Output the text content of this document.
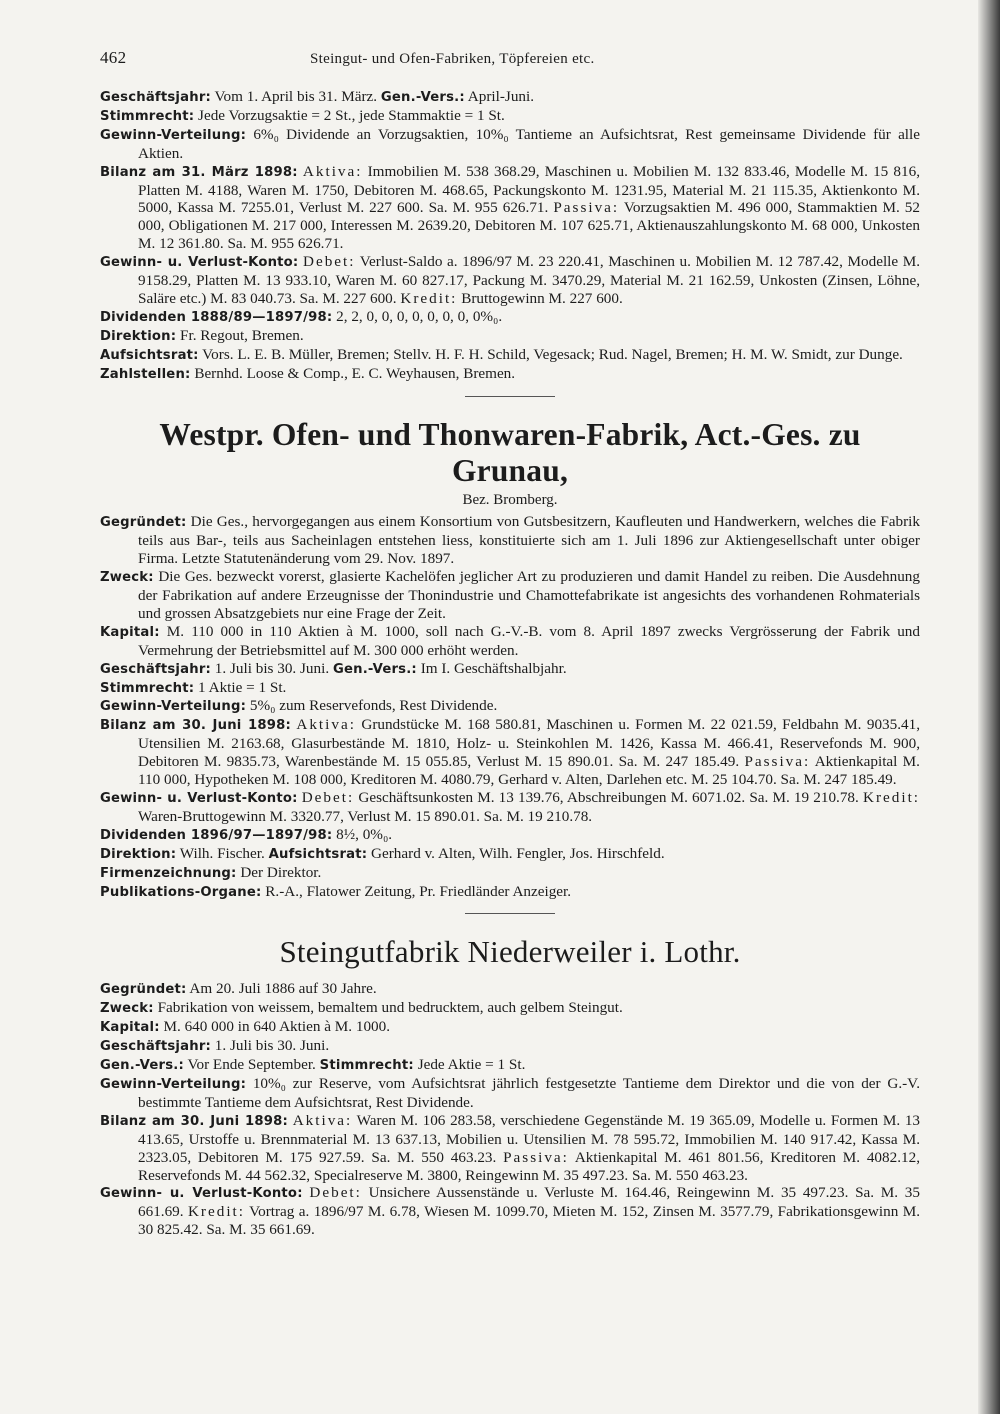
462	Steingut- und Ofen-Fabriken, Töpfereien etc.

Geschäftsjahr: Vom 1. April bis 31. März. Gen.-Vers.: April-Juni.

Stimmrecht: Jede Vorzugsaktie = 2 St., jede Stammaktie = 1 St.

Gewinn-Verteilung: 6%₀ Dividende an Vorzugsaktien, 10%₀ Tantieme an Aufsichtsrat, Rest gemeinsame Dividende für alle Aktien.

Bilanz am 31. März 1898: Aktiva: Immobilien M. 538 368.29, Maschinen u. Mobilien M. 132 833.46, Modelle M. 15 816, Platten M. 4188, Waren M. 1750, Debitoren M. 468.65, Packungskonto M. 1231.95, Material M. 21 115.35, Aktienkonto M. 5000, Kassa M. 7255.01, Verlust M. 227 600. Sa. M. 955 626.71. Passiva: Vorzugsaktien M. 496 000, Stammaktien M. 52 000, Obligationen M. 217 000, Interessen M. 2639.20, Debitoren M. 107 625.71, Aktienauszahlungskonto M. 68 000, Unkosten M. 12 361.80. Sa. M. 955 626.71.

Gewinn- u. Verlust-Konto: Debet: Verlust-Saldo a. 1896/97 M. 23 220.41, Maschinen u. Mobilien M. 12 787.42, Modelle M. 9158.29, Platten M. 13 933.10, Waren M. 60 827.17, Packung M. 3470.29, Material M. 21 162.59, Unkosten (Zinsen, Löhne, Saläre etc.) M. 83 040.73. Sa. M. 227 600. Kredit: Bruttogewinn M. 227 600.

Dividenden 1888/89—1897/98: 2, 2, 0, 0, 0, 0, 0, 0, 0, 0%₀.

Direktion: Fr. Regout, Bremen.

Aufsichtsrat: Vors. L. E. B. Müller, Bremen; Stellv. H. F. H. Schild, Vegesack; Rud. Nagel, Bremen; H. M. W. Smidt, zur Dunge.

Zahlstellen: Bernhd. Loose & Comp., E. C. Weyhausen, Bremen.

Westpr. Ofen- und Thonwaren-Fabrik, Act.-Ges. zu Grunau,

Bez. Bromberg.

Gegründet: Die Ges., hervorgegangen aus einem Konsortium von Gutsbesitzern, Kaufleuten und Handwerkern, welches die Fabrik teils aus Bar-, teils aus Sacheinlagen entstehen liess, konstituierte sich am 1. Juli 1896 zur Aktiengesellschaft unter obiger Firma. Letzte Statutenänderung vom 29. Nov. 1897.

Zweck: Die Ges. bezweckt vorerst, glasierte Kachelöfen jeglicher Art zu produzieren und damit Handel zu reiben. Die Ausdehnung der Fabrikation auf andere Erzeugnisse der Thonindustrie und Chamottefabrikate ist angesichts des vorhandenen Rohmaterials und grossen Absatzgebiets nur eine Frage der Zeit.

Kapital: M. 110 000 in 110 Aktien à M. 1000, soll nach G.-V.-B. vom 8. April 1897 zwecks Vergrösserung der Fabrik und Vermehrung der Betriebsmittel auf M. 300 000 erhöht werden.

Geschäftsjahr: 1. Juli bis 30. Juni. Gen.-Vers.: Im I. Geschäftshalbjahr.

Stimmrecht: 1 Aktie = 1 St.

Gewinn-Verteilung: 5%₀ zum Reservefonds, Rest Dividende.

Bilanz am 30. Juni 1898: Aktiva: Grundstücke M. 168 580.81, Maschinen u. Formen M. 22 021.59, Feldbahn M. 9035.41, Utensilien M. 2163.68, Glasurbestände M. 1810, Holz- u. Steinkohlen M. 1426, Kassa M. 466.41, Reservefonds M. 900, Debitoren M. 9835.73, Warenbestände M. 15 055.85, Verlust M. 15 890.01. Sa. M. 247 185.49. Passiva: Aktienkapital M. 110 000, Hypotheken M. 108 000, Kreditoren M. 4080.79, Gerhard v. Alten, Darlehen etc. M. 25 104.70. Sa. M. 247 185.49.

Gewinn- u. Verlust-Konto: Debet: Geschäftsunkosten M. 13 139.76, Abschreibungen M. 6071.02. Sa. M. 19 210.78. Kredit: Waren-Bruttogewinn M. 3320.77, Verlust M. 15 890.01. Sa. M. 19 210.78.

Dividenden 1896/97—1897/98: 8½, 0%₀.

Direktion: Wilh. Fischer. Aufsichtsrat: Gerhard v. Alten, Wilh. Fengler, Jos. Hirschfeld.

Firmenzeichnung: Der Direktor.

Publikations-Organe: R.-A., Flatower Zeitung, Pr. Friedländer Anzeiger.

Steingutfabrik Niederweiler i. Lothr.

Gegründet: Am 20. Juli 1886 auf 30 Jahre.

Zweck: Fabrikation von weissem, bemaltem und bedrucktem, auch gelbem Steingut.

Kapital: M. 640 000 in 640 Aktien à M. 1000.

Geschäftsjahr: 1. Juli bis 30. Juni.

Gen.-Vers.: Vor Ende September. Stimmrecht: Jede Aktie = 1 St.

Gewinn-Verteilung: 10%₀ zur Reserve, vom Aufsichtsrat jährlich festgesetzte Tantieme dem Direktor und die von der G.-V. bestimmte Tantieme dem Aufsichtsrat, Rest Dividende.

Bilanz am 30. Juni 1898: Aktiva: Waren M. 106 283.58, verschiedene Gegenstände M. 19 365.09, Modelle u. Formen M. 13 413.65, Urstoffe u. Brennmaterial M. 13 637.13, Mobilien u. Utensilien M. 78 595.72, Immobilien M. 140 917.42, Kassa M. 2323.05, Debitoren M. 175 927.59. Sa. M. 550 463.23. Passiva: Aktienkapital M. 461 801.56, Kreditoren M. 4082.12, Reservefonds M. 44 562.32, Specialreserve M. 3800, Reingewinn M. 35 497.23. Sa. M. 550 463.23.

Gewinn- u. Verlust-Konto: Debet: Unsichere Aussenstände u. Verluste M. 164.46, Reingewinn M. 35 497.23. Sa. M. 35 661.69. Kredit: Vortrag a. 1896/97 M. 6.78, Wiesen M. 1099.70, Mieten M. 152, Zinsen M. 3577.79, Fabrikationsgewinn M. 30 825.42. Sa. M. 35 661.69.
